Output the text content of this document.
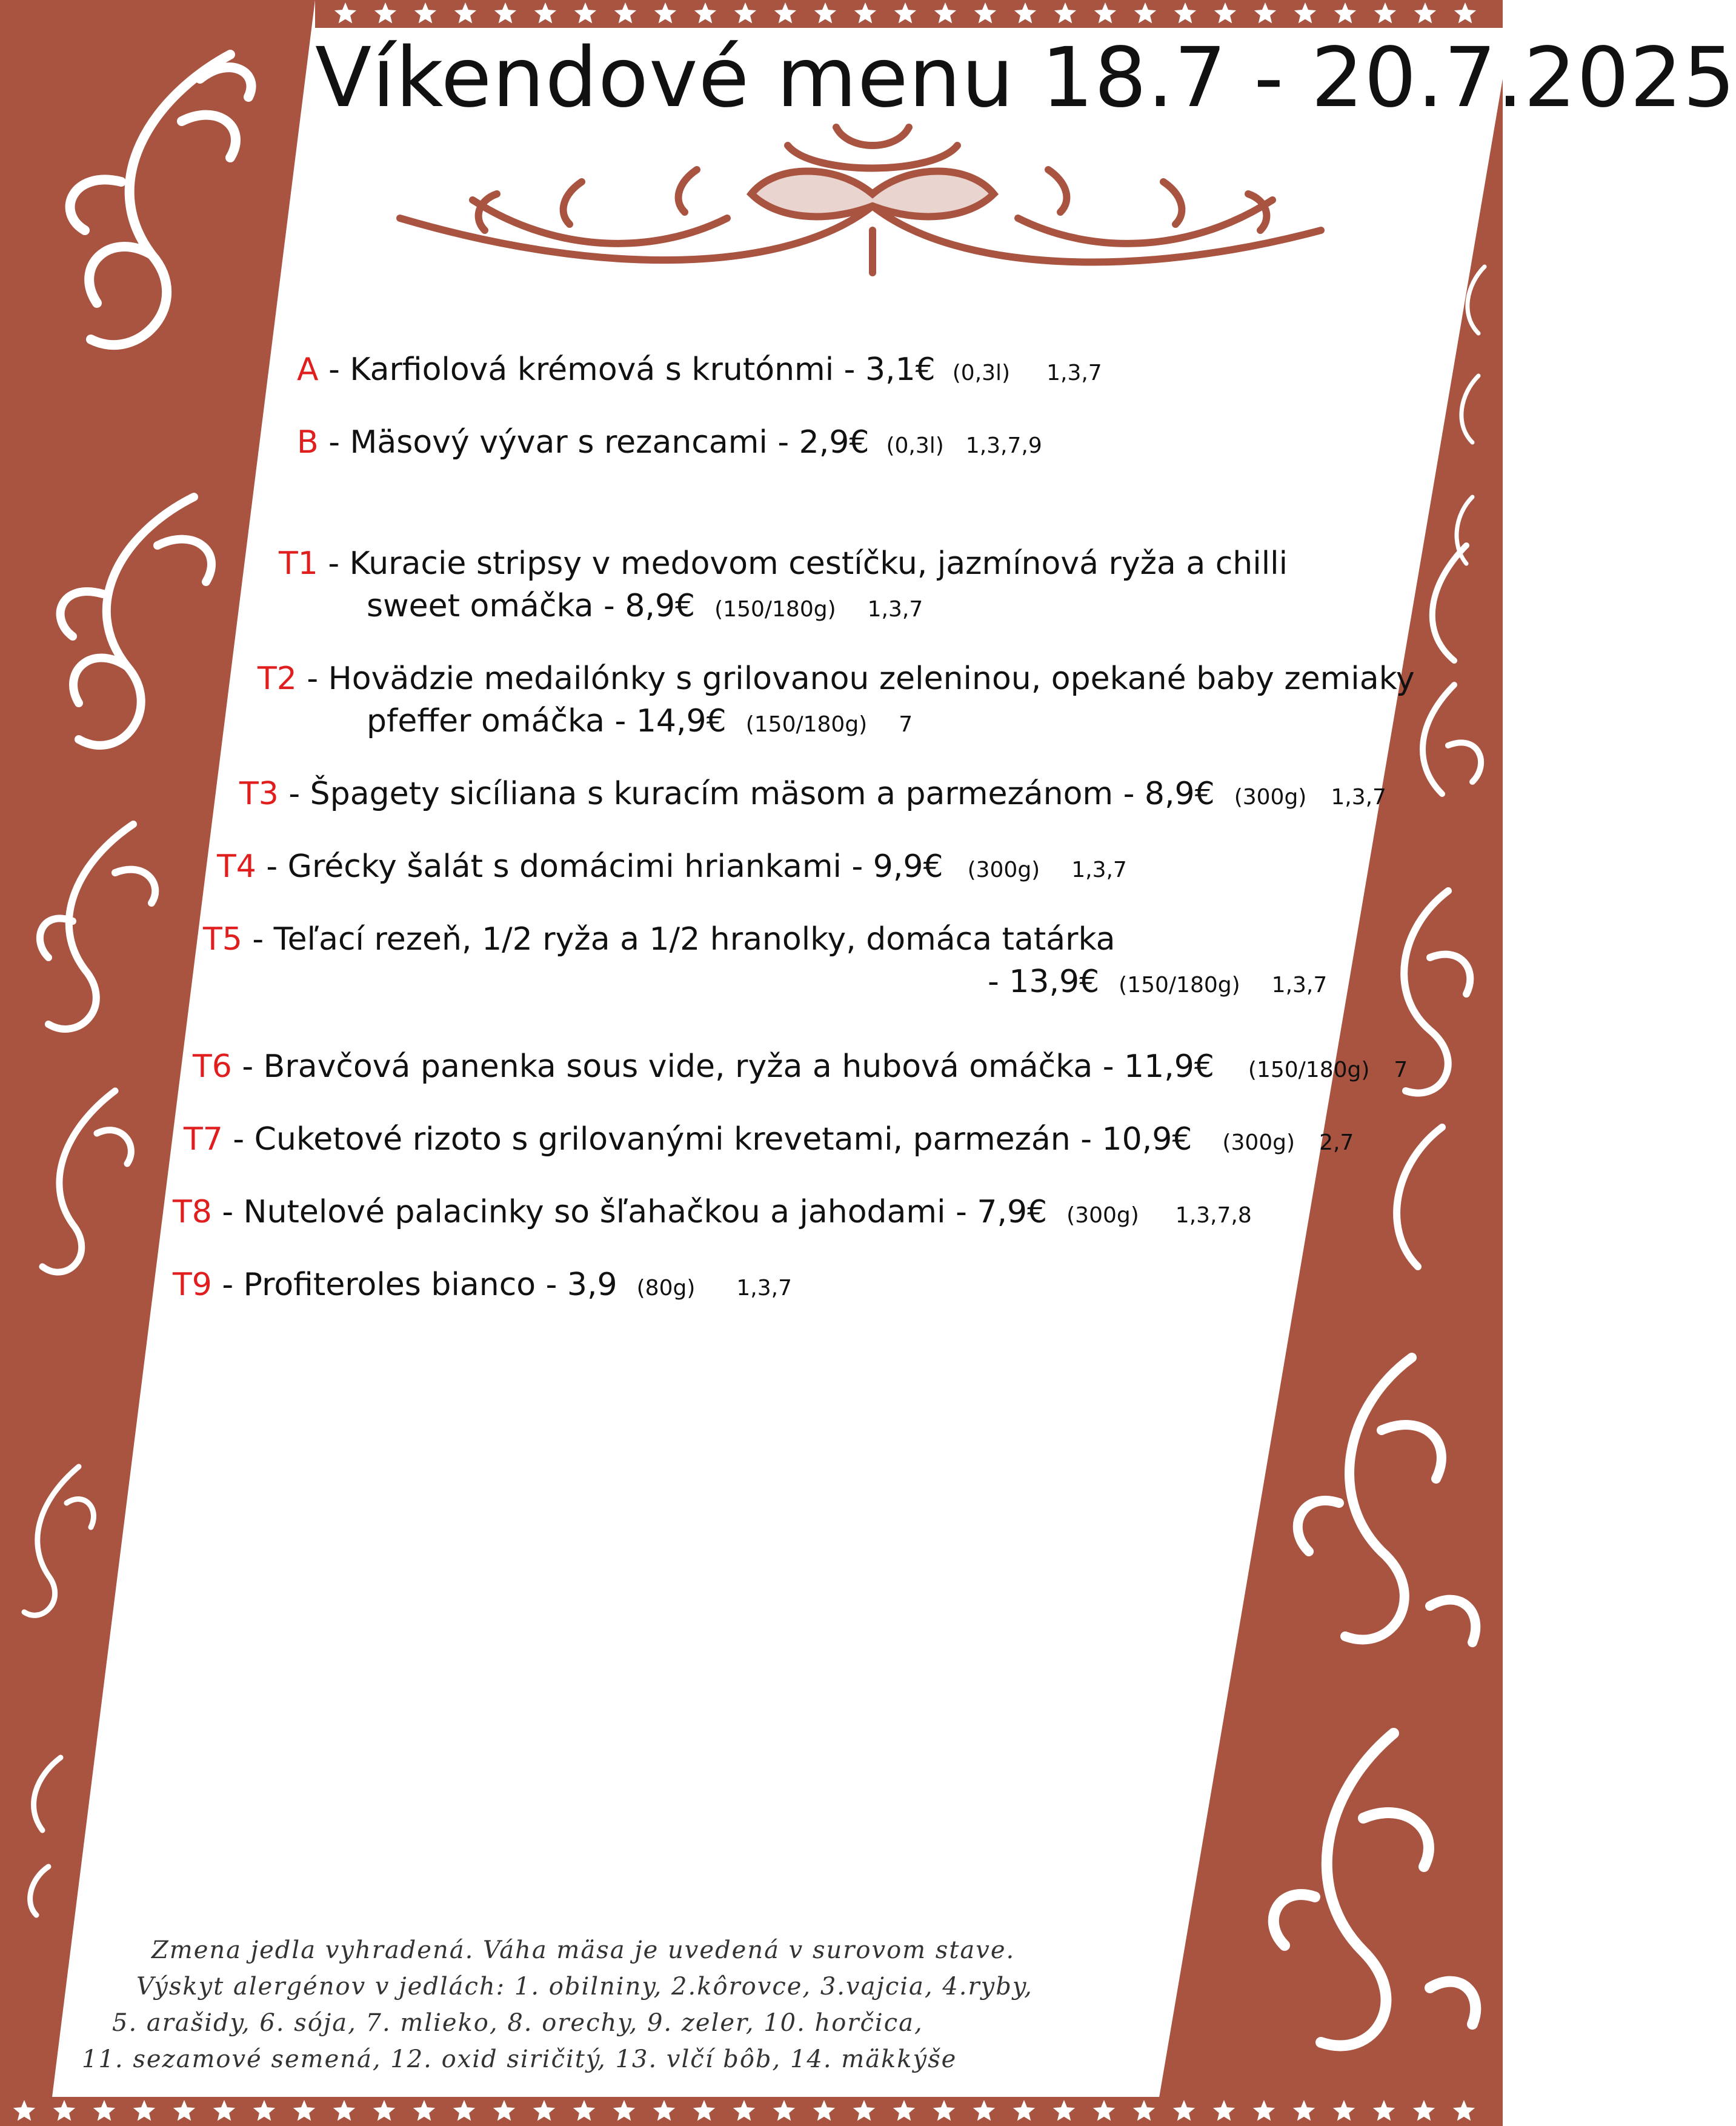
Víkendové menu 18.7 - 20.7.2025
A - Karfiolová krémová s krutónmi - 3,1€ (0,3l) 1,3,7
B - Mäsový vývar s rezancami - 2,9€ (0,3l) 1,3,7,9
T1 - Kuracie stripsy v medovom cestíčku, jazmínová ryža a chilli
sweet omáčka - 8,9€ (150/180g) 1,3,7
T2 - Hovädzie medailónky s grilovanou zeleninou, opekané baby zemiaky
pfeffer omáčka - 14,9€ (150/180g) 7
T3 - Špagety sicíliana s kuracím mäsom a parmezánom - 8,9€ (300g) 1,3,7
T4 - Grécky šalát s domácimi hriankami - 9,9€ (300g) 1,3,7
T5 - Teľací rezeň, 1/2 ryža a 1/2 hranolky, domáca tatárka
- 13,9€ (150/180g) 1,3,7
T6 - Bravčová panenka sous vide, ryža a hubová omáčka - 11,9€ (150/180g) 7
T7 - Cuketové rizoto s grilovanými krevetami, parmezán - 10,9€ (300g) 2,7
T8 - Nutelové palacinky so šľahačkou a jahodami - 7,9€ (300g) 1,3,7,8
T9 - Profiteroles bianco - 3,9 (80g) 1,3,7
Zmena jedla vyhradená. Váha mäsa je uvedená v surovom stave.
Výskyt alergénov v jedlách: 1. obilniny, 2.kôrovce, 3.vajcia, 4.ryby,
5. arašidy, 6. sója, 7. mlieko, 8. orechy, 9. zeler, 10. horčica,
11. sezamové semená, 12. oxid siričitý, 13. vlčí bôb, 14. mäkkýše
